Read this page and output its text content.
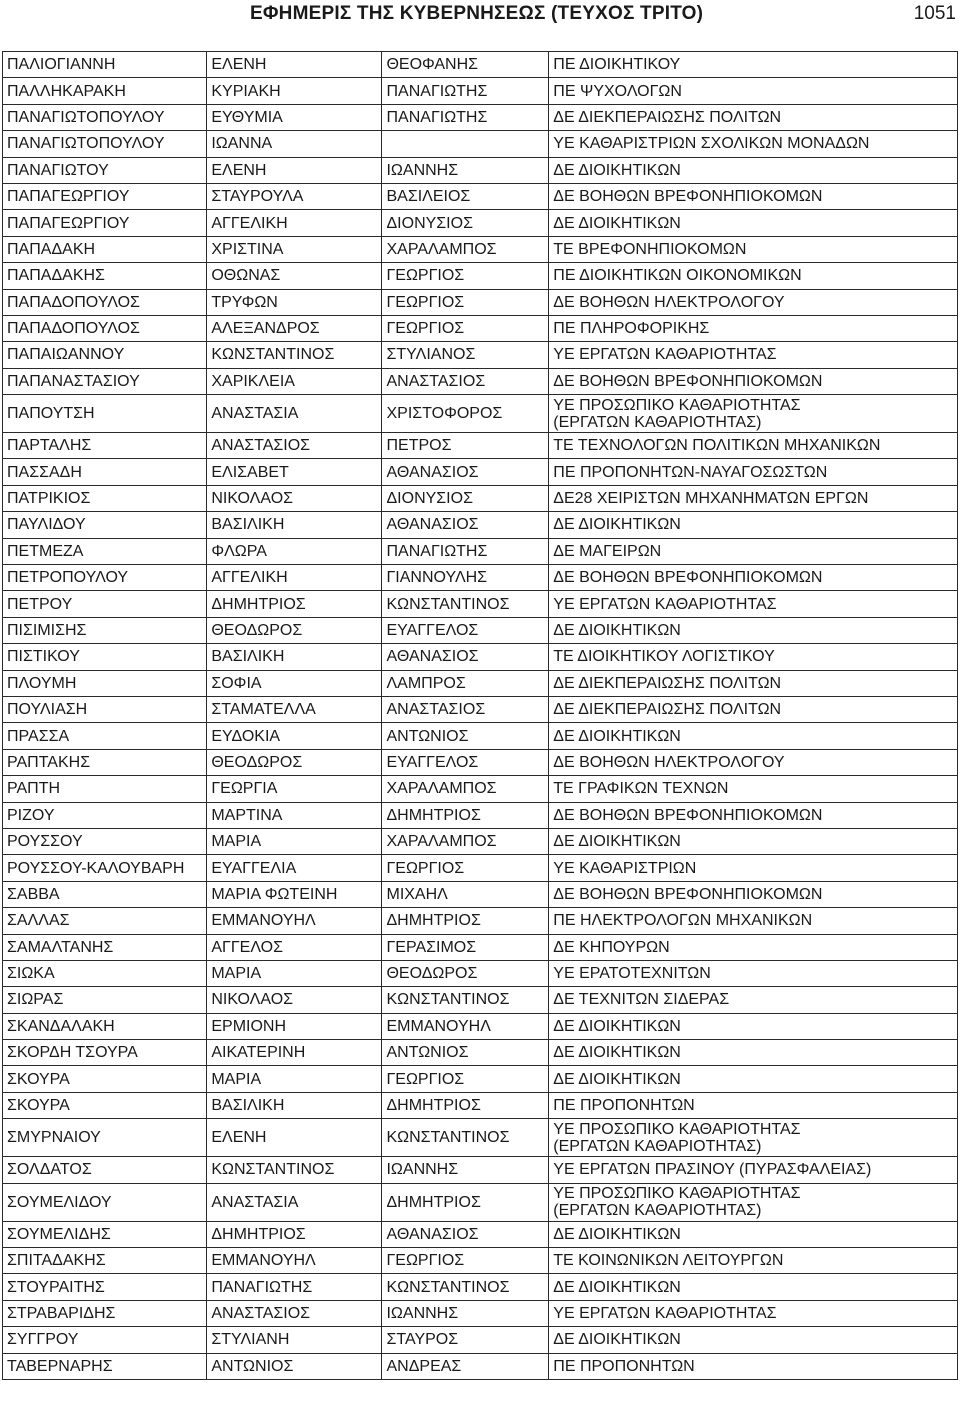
ΕΦΗΜΕΡΙΣ ΤΗΣ ΚΥΒΕΡΝΗΣΕΩΣ (ΤΕΥΧΟΣ ΤΡΙΤΟ)	1051
ΠΑΛΙΟΓΙΑΝΝΗ	ΕΛΕΝΗ	ΘΕΟΦΑΝΗΣ	ΠΕ ΔΙΟΙΚΗΤΙΚΟΥ
ΠΑΛΛΗΚΑΡΑΚΗ	ΚΥΡΙΑΚΗ	ΠΑΝΑΓΙΩΤΗΣ	ΠΕ ΨΥΧΟΛΟΓΩΝ
ΠΑΝΑΓΙΩΤΟΠΟΥΛΟΥ	ΕΥΘΥΜΙΑ	ΠΑΝΑΓΙΩΤΗΣ	ΔΕ ΔΙΕΚΠΕΡΑΙΩΣΗΣ ΠΟΛΙΤΩΝ
ΠΑΝΑΓΙΩΤΟΠΟΥΛΟΥ	ΙΩΑΝΝΑ		ΥΕ ΚΑΘΑΡΙΣΤΡΙΩΝ ΣΧΟΛΙΚΩΝ ΜΟΝΑΔΩΝ
ΠΑΝΑΓΙΩΤΟΥ	ΕΛΕΝΗ	ΙΩΑΝΝΗΣ	ΔΕ ΔΙΟΙΚΗΤΙΚΩΝ
ΠΑΠΑΓΕΩΡΓΙΟΥ	ΣΤΑΥΡΟΥΛΑ	ΒΑΣΙΛΕΙΟΣ	ΔΕ ΒΟΗΘΩΝ ΒΡΕΦΟΝΗΠΙΟΚΟΜΩΝ
ΠΑΠΑΓΕΩΡΓΙΟΥ	ΑΓΓΕΛΙΚΗ	ΔΙΟΝΥΣΙΟΣ	ΔΕ ΔΙΟΙΚΗΤΙΚΩΝ
ΠΑΠΑΔΑΚΗ	ΧΡΙΣΤΙΝΑ	ΧΑΡΑΛΑΜΠΟΣ	ΤΕ ΒΡΕΦΟΝΗΠΙΟΚΟΜΩΝ
ΠΑΠΑΔΑΚΗΣ	ΟΘΩΝΑΣ	ΓΕΩΡΓΙΟΣ	ΠΕ ΔΙΟΙΚΗΤΙΚΩΝ ΟΙΚΟΝΟΜΙΚΩΝ
ΠΑΠΑΔΟΠΟΥΛΟΣ	ΤΡΥΦΩΝ	ΓΕΩΡΓΙΟΣ	ΔΕ ΒΟΗΘΩΝ ΗΛΕΚΤΡΟΛΟΓΟΥ
ΠΑΠΑΔΟΠΟΥΛΟΣ	ΑΛΕΞΑΝΔΡΟΣ	ΓΕΩΡΓΙΟΣ	ΠΕ ΠΛΗΡΟΦΟΡΙΚΗΣ
ΠΑΠΑΙΩΑΝΝΟΥ	ΚΩΝΣΤΑΝΤΙΝΟΣ	ΣΤΥΛΙΑΝΟΣ	ΥΕ ΕΡΓΑΤΩΝ ΚΑΘΑΡΙΟΤΗΤΑΣ
ΠΑΠΑΝΑΣΤΑΣΙΟΥ	ΧΑΡΙΚΛΕΙΑ	ΑΝΑΣΤΑΣΙΟΣ	ΔΕ ΒΟΗΘΩΝ ΒΡΕΦΟΝΗΠΙΟΚΟΜΩΝ
ΠΑΠΟΥΤΣΗ	ΑΝΑΣΤΑΣΙΑ	ΧΡΙΣΤΟΦΟΡΟΣ	ΥΕ ΠΡΟΣΩΠΙΚΟ ΚΑΘΑΡΙΟΤΗΤΑΣ
(ΕΡΓΑΤΩΝ ΚΑΘΑΡΙΟΤΗΤΑΣ)

ΠΑΡΤΑΛΗΣ	ΑΝΑΣΤΑΣΙΟΣ	ΠΕΤΡΟΣ	ΤΕ ΤΕΧΝΟΛΟΓΩΝ ΠΟΛΙΤΙΚΩΝ ΜΗΧΑΝΙΚΩΝ
ΠΑΣΣΑΔΗ	ΕΛΙΣΑΒΕΤ	ΑΘΑΝΑΣΙΟΣ	ΠΕ ΠΡΟΠΟΝΗΤΩΝ-ΝΑΥΑΓΟΣΩΣΤΩΝ
ΠΑΤΡΙΚΙΟΣ	ΝΙΚΟΛΑΟΣ	ΔΙΟΝΥΣΙΟΣ	ΔΕ28 ΧΕΙΡΙΣΤΩΝ ΜΗΧΑΝΗΜΑΤΩΝ ΕΡΓΩΝ
ΠΑΥΛΙΔΟΥ	ΒΑΣΙΛΙΚΗ	ΑΘΑΝΑΣΙΟΣ	ΔΕ ΔΙΟΙΚΗΤΙΚΩΝ
ΠΕΤΜΕΖΑ	ΦΛΩΡΑ	ΠΑΝΑΓΙΩΤΗΣ	ΔΕ ΜΑΓΕΙΡΩΝ
ΠΕΤΡΟΠΟΥΛΟΥ	ΑΓΓΕΛΙΚΗ	ΓΙΑΝΝΟΥΛΗΣ	ΔΕ ΒΟΗΘΩΝ ΒΡΕΦΟΝΗΠΙΟΚΟΜΩΝ
ΠΕΤΡΟΥ	ΔΗΜΗΤΡΙΟΣ	ΚΩΝΣΤΑΝΤΙΝΟΣ	ΥΕ ΕΡΓΑΤΩΝ ΚΑΘΑΡΙΟΤΗΤΑΣ
ΠΙΣΙΜΙΣΗΣ	ΘΕΟΔΩΡΟΣ	ΕΥΑΓΓΕΛΟΣ	ΔΕ ΔΙΟΙΚΗΤΙΚΩΝ
ΠΙΣΤΙΚΟΥ	ΒΑΣΙΛΙΚΗ	ΑΘΑΝΑΣΙΟΣ	ΤΕ ΔΙΟΙΚΗΤΙΚΟΥ ΛΟΓΙΣΤΙΚΟΥ
ΠΛΟΥΜΗ	ΣΟΦΙΑ	ΛΑΜΠΡΟΣ	ΔΕ ΔΙΕΚΠΕΡΑΙΩΣΗΣ ΠΟΛΙΤΩΝ
ΠΟΥΛΙΑΣΗ	ΣΤΑΜΑΤΕΛΛΑ	ΑΝΑΣΤΑΣΙΟΣ	ΔΕ ΔΙΕΚΠΕΡΑΙΩΣΗΣ ΠΟΛΙΤΩΝ
ΠΡΑΣΣΑ	ΕΥΔΟΚΙΑ	ΑΝΤΩΝΙΟΣ	ΔΕ ΔΙΟΙΚΗΤΙΚΩΝ
ΡΑΠΤΑΚΗΣ	ΘΕΟΔΩΡΟΣ	ΕΥΑΓΓΕΛΟΣ	ΔΕ ΒΟΗΘΩΝ ΗΛΕΚΤΡΟΛΟΓΟΥ
ΡΑΠΤΗ	ΓΕΩΡΓΙΑ	ΧΑΡΑΛΑΜΠΟΣ	ΤΕ ΓΡΑΦΙΚΩΝ ΤΕΧΝΩΝ
ΡΙΖΟΥ	ΜΑΡΤΙΝΑ	ΔΗΜΗΤΡΙΟΣ	ΔΕ ΒΟΗΘΩΝ ΒΡΕΦΟΝΗΠΙΟΚΟΜΩΝ
ΡΟΥΣΣΟΥ	ΜΑΡΙΑ	ΧΑΡΑΛΑΜΠΟΣ	ΔΕ ΔΙΟΙΚΗΤΙΚΩΝ
ΡΟΥΣΣΟΥ-ΚΑΛΟΥΒΑΡΗ	ΕΥΑΓΓΕΛΙΑ	ΓΕΩΡΓΙΟΣ	ΥΕ ΚΑΘΑΡΙΣΤΡΙΩΝ
ΣΑΒΒΑ	ΜΑΡΙΑ ΦΩΤΕΙΝΗ	ΜΙΧΑΗΛ	ΔΕ ΒΟΗΘΩΝ ΒΡΕΦΟΝΗΠΙΟΚΟΜΩΝ
ΣΑΛΛΑΣ	ΕΜΜΑΝΟΥΗΛ	ΔΗΜΗΤΡΙΟΣ	ΠΕ ΗΛΕΚΤΡΟΛΟΓΩΝ ΜΗΧΑΝΙΚΩΝ
ΣΑΜΑΛΤΑΝΗΣ	ΑΓΓΕΛΟΣ	ΓΕΡΑΣΙΜΟΣ	ΔΕ ΚΗΠΟΥΡΩΝ
ΣΙΩΚΑ	ΜΑΡΙΑ	ΘΕΟΔΩΡΟΣ	ΥΕ ΕΡΑΤΟΤΕΧΝΙΤΩΝ
ΣΙΩΡΑΣ	ΝΙΚΟΛΑΟΣ	ΚΩΝΣΤΑΝΤΙΝΟΣ	ΔΕ ΤΕΧΝΙΤΩΝ ΣΙΔΕΡΑΣ
ΣΚΑΝΔΑΛΑΚΗ	ΕΡΜΙΟΝΗ	ΕΜΜΑΝΟΥΗΛ	ΔΕ ΔΙΟΙΚΗΤΙΚΩΝ
ΣΚΟΡΔΗ ΤΣΟΥΡΑ	ΑΙΚΑΤΕΡΙΝΗ	ΑΝΤΩΝΙΟΣ	ΔΕ ΔΙΟΙΚΗΤΙΚΩΝ
ΣΚΟΥΡΑ	ΜΑΡΙΑ	ΓΕΩΡΓΙΟΣ	ΔΕ ΔΙΟΙΚΗΤΙΚΩΝ
ΣΚΟΥΡΑ	ΒΑΣΙΛΙΚΗ	ΔΗΜΗΤΡΙΟΣ	ΠΕ ΠΡΟΠΟΝΗΤΩΝ
ΣΜΥΡΝΑΙΟΥ	ΕΛΕΝΗ	ΚΩΝΣΤΑΝΤΙΝΟΣ	ΥΕ ΠΡΟΣΩΠΙΚΟ ΚΑΘΑΡΙΟΤΗΤΑΣ
(ΕΡΓΑΤΩΝ ΚΑΘΑΡΙΟΤΗΤΑΣ)

ΣΟΛΔΑΤΟΣ	ΚΩΝΣΤΑΝΤΙΝΟΣ	ΙΩΑΝΝΗΣ	ΥΕ ΕΡΓΑΤΩΝ ΠΡΑΣΙΝΟΥ (ΠΥΡΑΣΦΑΛΕΙΑΣ)
ΣΟΥΜΕΛΙΔΟΥ	ΑΝΑΣΤΑΣΙΑ	ΔΗΜΗΤΡΙΟΣ	ΥΕ ΠΡΟΣΩΠΙΚΟ ΚΑΘΑΡΙΟΤΗΤΑΣ
(ΕΡΓΑΤΩΝ ΚΑΘΑΡΙΟΤΗΤΑΣ)

ΣΟΥΜΕΛΙΔΗΣ	ΔΗΜΗΤΡΙΟΣ	ΑΘΑΝΑΣΙΟΣ	ΔΕ ΔΙΟΙΚΗΤΙΚΩΝ
ΣΠΙΤΑΔΑΚΗΣ	ΕΜΜΑΝΟΥΗΛ	ΓΕΩΡΓΙΟΣ	ΤΕ ΚΟΙΝΩΝΙΚΩΝ ΛΕΙΤΟΥΡΓΩΝ
ΣΤΟΥΡΑΙΤΗΣ	ΠΑΝΑΓΙΩΤΗΣ	ΚΩΝΣΤΑΝΤΙΝΟΣ	ΔΕ ΔΙΟΙΚΗΤΙΚΩΝ
ΣΤΡΑΒΑΡΙΔΗΣ	ΑΝΑΣΤΑΣΙΟΣ	ΙΩΑΝΝΗΣ	ΥΕ ΕΡΓΑΤΩΝ ΚΑΘΑΡΙΟΤΗΤΑΣ
ΣΥΓΓΡΟΥ	ΣΤΥΛΙΑΝΗ	ΣΤΑΥΡΟΣ	ΔΕ ΔΙΟΙΚΗΤΙΚΩΝ
ΤΑΒΕΡΝΑΡΗΣ	ΑΝΤΩΝΙΟΣ	ΑΝΔΡΕΑΣ	ΠΕ ΠΡΟΠΟΝΗΤΩΝ
